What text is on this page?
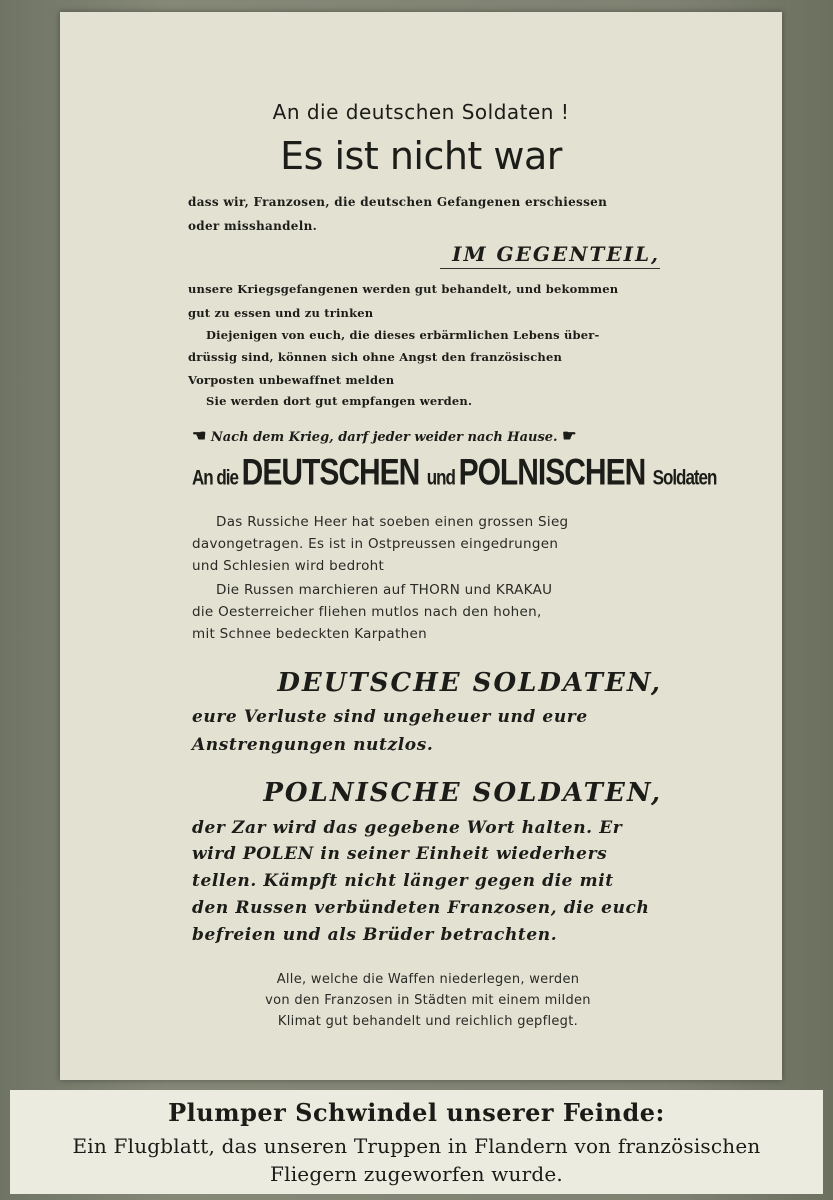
An die deutschen Soldaten !
Es ist nicht war
dass wir, Franzosen, die deutschen Gefangenen erschiessen
oder misshandeln.
IM GEGENTEIL,
unsere Kriegsgefangenen werden gut behandelt, und bekommen
gut zu essen und zu trinken
Diejenigen von euch, die dieses erbärmlichen Lebens über-
drüssig sind, können sich ohne Angst den französischen
Vorposten unbewaffnet melden
Sie werden dort gut empfangen werden.
☚ Nach dem Krieg, darf jeder weider nach Hause. ☛
An die DEUTSCHEN und POLNISCHEN Soldaten
Das Russiche Heer hat soeben einen grossen Sieg
davongetragen. Es ist in Ostpreussen eingedrungen
und Schlesien wird bedroht
Die Russen marchieren auf THORN und KRAKAU
die Oesterreicher fliehen mutlos nach den hohen,
mit Schnee bedeckten Karpathen
DEUTSCHE SOLDATEN,
eure Verluste sind ungeheuer und eure
Anstrengungen nutzlos.
POLNISCHE SOLDATEN,
der Zar wird das gegebene Wort halten. Er
wird POLEN in seiner Einheit wiederhers
tellen. Kämpft nicht länger gegen die mit
den Russen verbündeten Franzosen, die euch
befreien und als Brüder betrachten.
Alle, welche die Waffen niederlegen, werden
von den Franzosen in Städten mit einem milden
Klimat gut behandelt und reichlich gepflegt.
Plumper Schwindel unserer Feinde:
Ein Flugblatt, das unseren Truppen in Flandern von französischen
Fliegern zugeworfen wurde.
